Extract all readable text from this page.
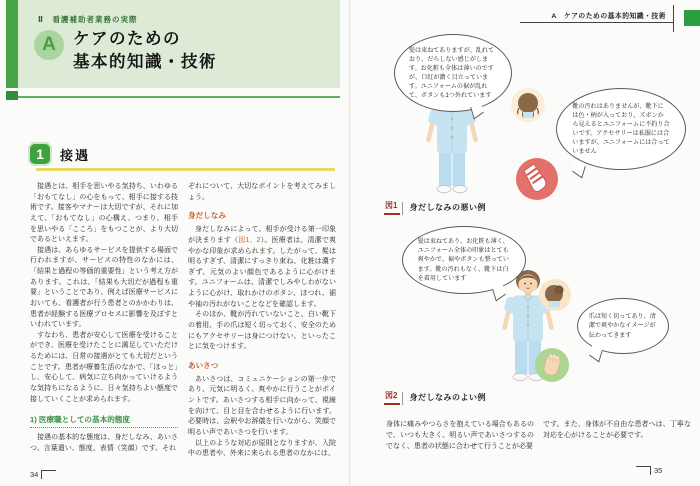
Ⅱ　看護補助者業務の実際
A	ケアのための
基本的知識・技術
1	接遇

　接遇とは、相手を思いやる気持ち、いわゆる「おもてなし」の心をもって、相手に接する技術です。接客やマナーは大切ですが、それに加えて、「おもてなし」の心構え、つまり、相手を思いやる「こころ」をもつことが、より大切であるといえます。

　接遇は、あらゆるサービスを提供する場面で行われますが、サービスの特性のなかには、「結果と過程の等価的重要性」という考え方があります。これは、「結果も大切だが過程も重要」ということであり、例えば医療サービスにおいても、看護者が行う患者とのかかわりは、患者が経験する医療プロセスに影響を及ぼすといわれています。

　すなわち、患者が安心して医療を受けることができ、医療を受けたことに満足していただけるためには、日常の接遇がとても大切だということです。患者が療養生活のなかで、「ほっと」し、安心して、病気に立ち向かっていけるような気持ちになるように、日々気持ちよい態度で接していくことが求められます。

1) 医療職としての基本的態度

　接遇の基本的な態度は、身だしなみ、あいさつ、言葉遣い、態度、表情（笑顔）です。それ

ぞれについて、大切なポイントを考えてみましょう。

身だしなみ

　身だしなみによって、相手が受ける第一印象が決まります（図1、2）。医療者は、清潔で爽やかな印象が求められます。したがって、髪は明るすぎず、清潔にすっきり束ね、化粧は濃すぎず、元気のよい顔色であるように心がけます。ユニフォームは、清潔でしみやしわがないように心がけ、取れかけのボタン、ほつれ、裾や袖の汚れがないことなどを確認します。

　そのほか、靴が汚れていないこと、白い靴下の着用、手の爪は短く切っておく、安全のためにもアクセサリーは身につけない、といったことに気をつけます。

あいさつ

　あいさつは、コミュニケーションの第一歩であり、元気に明るく、爽やかに行うことがポイントです。あいさつする相手に向かって、視線を向けて、目と目を合わせるように行います。必要時は、会釈やお辞儀を行いながら、笑顔で明るい声であいさつを行います。

　以上のような対応が原則となりますが、入院中の患者や、外来に来られる患者のなかには、

34
A　ケアのための基本的知識・技術
髪は束ねてありますが、乱れており、だらしない感じがします。お化粧も全体は薄いのですが、口紅が濃く目立っています。ユニフォームの裾が乱れて、ボタンも1つ外れています
靴の汚れはありませんが、靴下には色・柄が入っており、ズボンから見えるとユニフォームに不釣り合いです。アクセサリーは私服には合いますが、ユニフォームには合っていません
図1	身だしなみの悪い例
髪は束ねてあり、お化粧も薄く、ユニフォーム全体の印象はとても爽やかで、裾やボタンも整っています。靴の汚れもなく、靴下は白を着用しています
爪は短く切ってあり、清潔で爽やかなイメージが伝わってきます
図2	身だしなみのよい例

身体に痛みやつらさを抱えている場合もあるので、いつも大きく、明るい声であいさつするのでなく、患者の状態に合わせて行うことが必要

です。また、身体が不自由な患者へは、丁寧な対応を心がけることが必要です。

35
